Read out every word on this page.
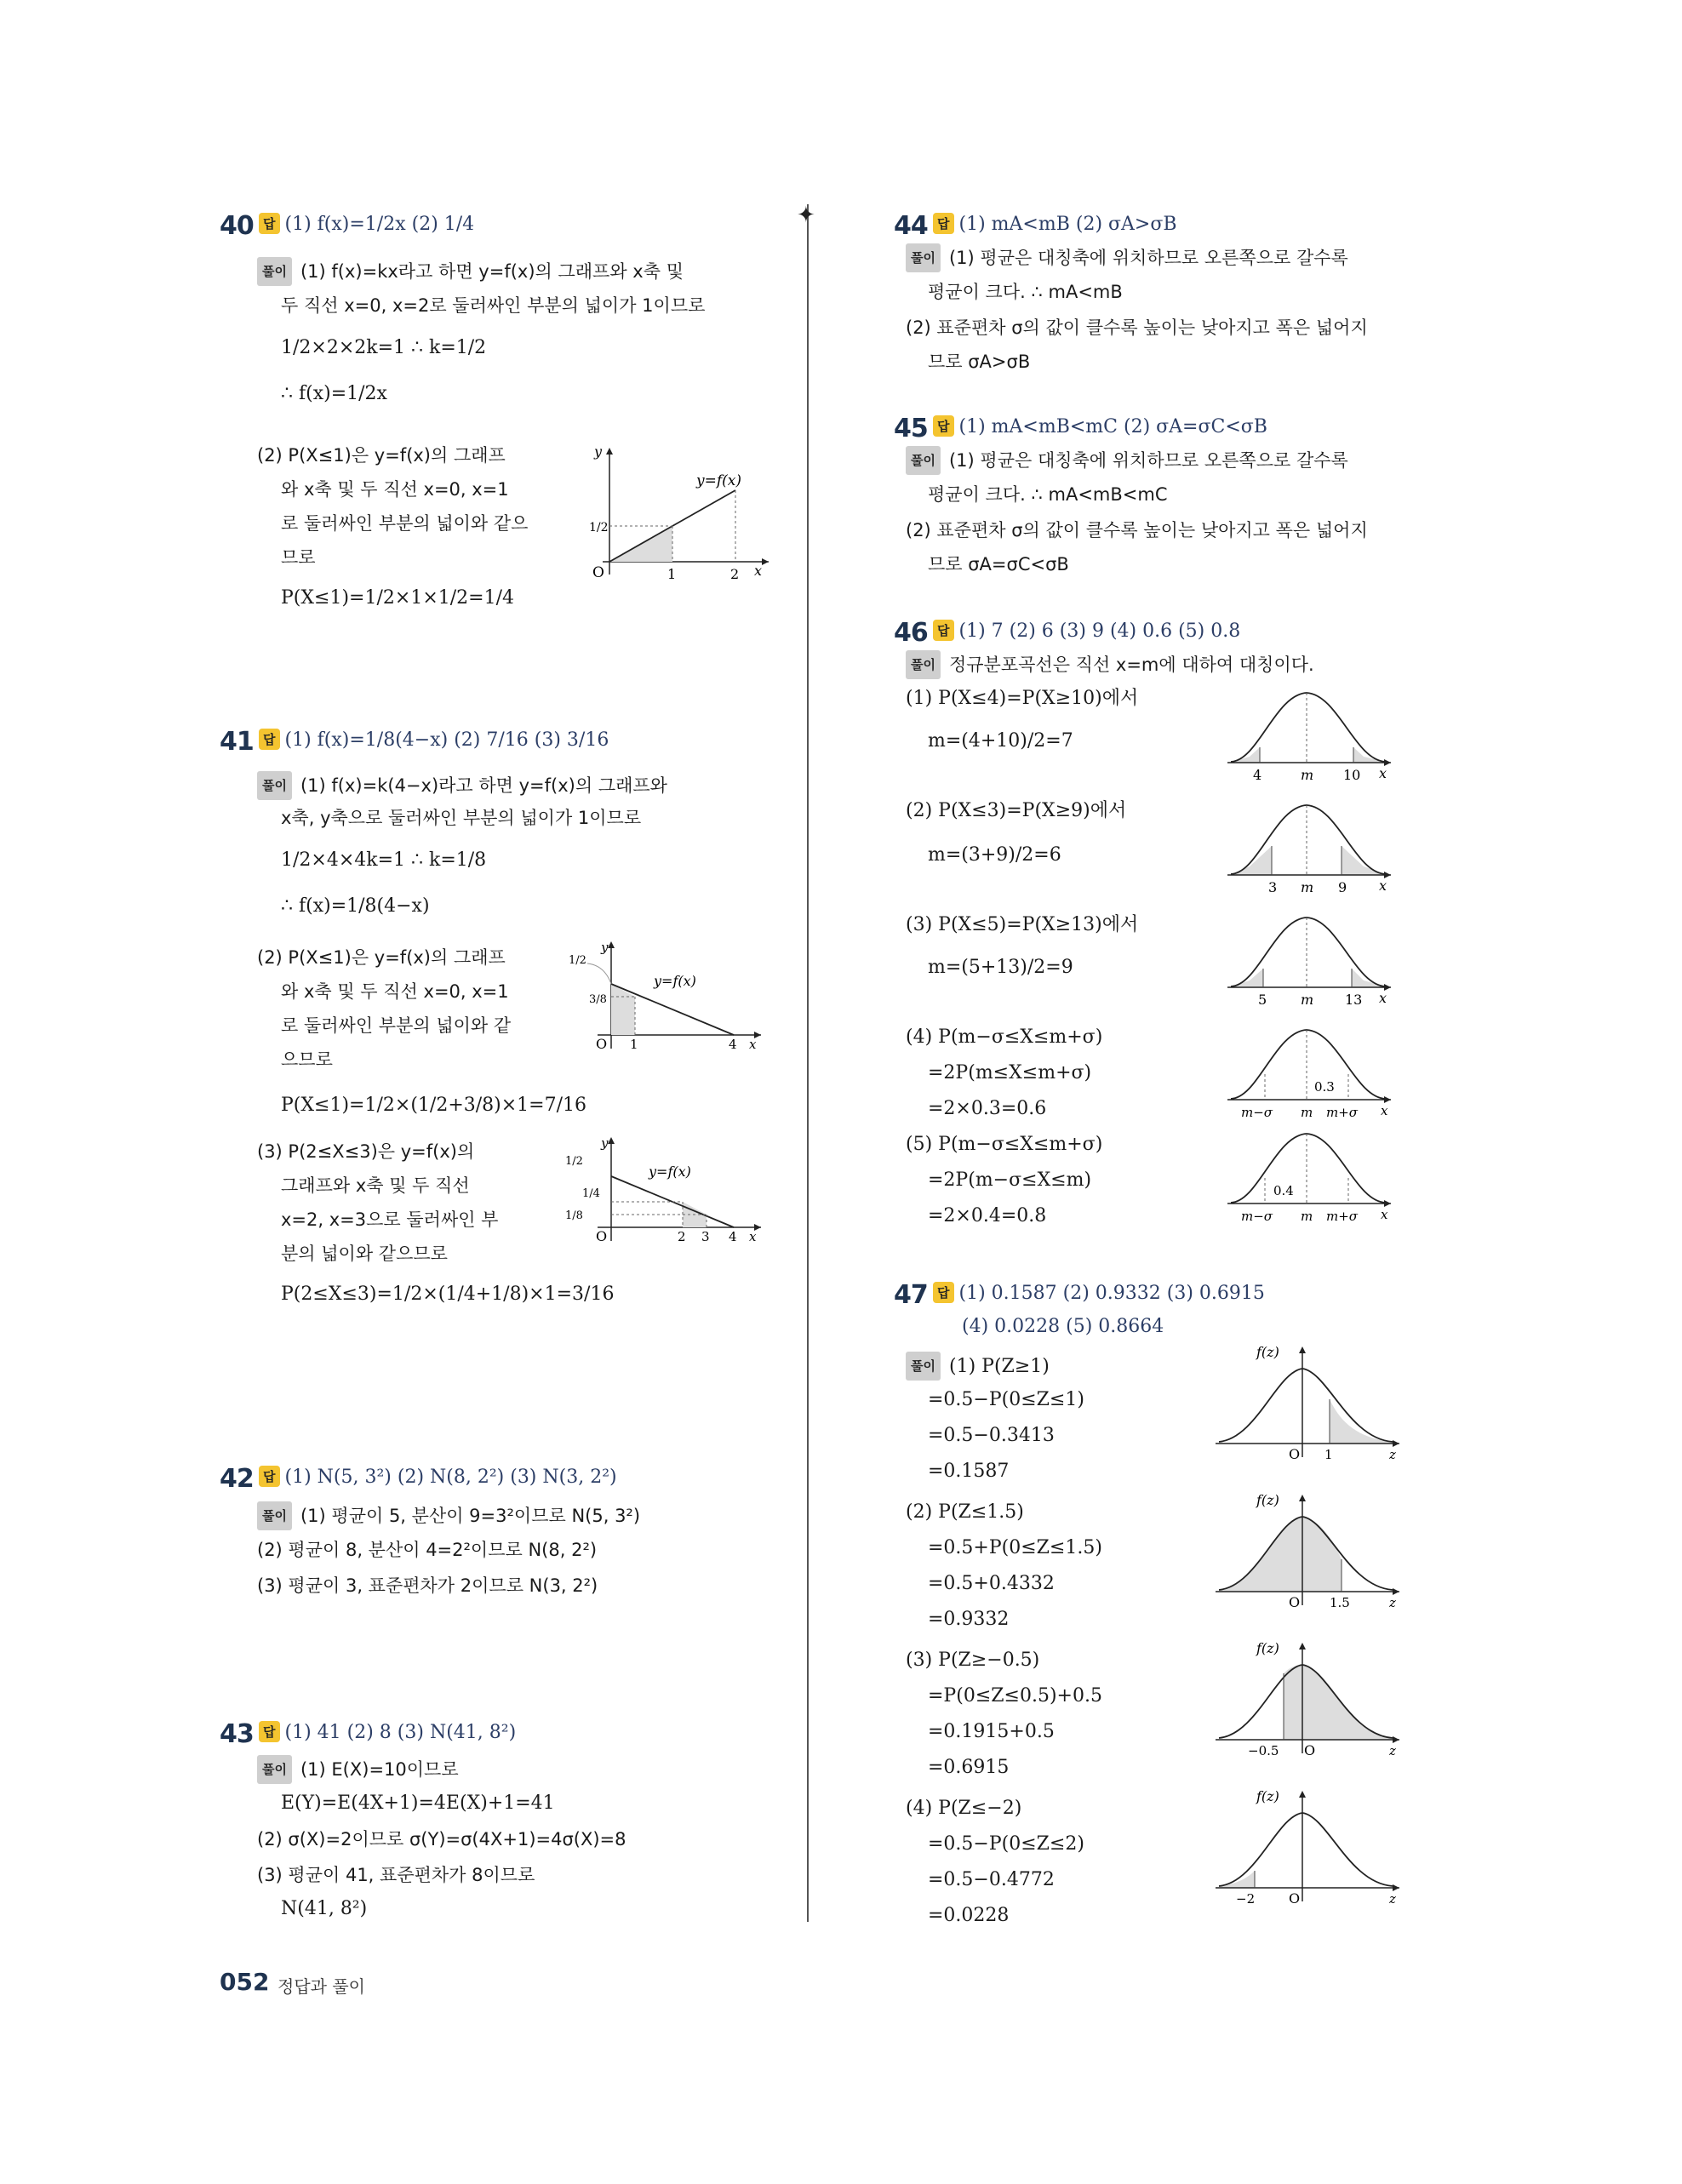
✦
40 답 (1) f(x)=1/2x (2) 1/4
풀이 (1) f(x)=kx라고 하면 y=f(x)의 그래프와 x축 및
두 직선 x=0, x=2로 둘러싸인 부분의 넓이가 1이므로
1/2×2×2k=1 ∴ k=1/2
∴ f(x)=1/2x
(2) P(X≤1)은 y=f(x)의 그래프
와 x축 및 두 직선 x=0, x=1
로 둘러싸인 부분의 넓이와 같으
므로
P(X≤1)=1/2×1×1/2=1/4
y
x
y=f(x)
O
1/2
1	2
41 답 (1) f(x)=1/8(4−x) (2) 7/16 (3) 3/16
풀이 (1) f(x)=k(4−x)라고 하면 y=f(x)의 그래프와
x축, y축으로 둘러싸인 부분의 넓이가 1이므로
1/2×4×4k=1 ∴ k=1/8
∴ f(x)=1/8(4−x)
(2) P(X≤1)은 y=f(x)의 그래프
와 x축 및 두 직선 x=0, x=1
로 둘러싸인 부분의 넓이와 같
으므로
P(X≤1)=1/2×(1/2+3/8)×1=7/16
(3) P(2≤X≤3)은 y=f(x)의
그래프와 x축 및 두 직선
x=2, x=3으로 둘러싸인 부
분의 넓이와 같으므로
P(2≤X≤3)=1/2×(1/4+1/8)×1=3/16
y
x
y=f(x)
O
1/2
3/8
1	4
y
x
y=f(x)
O
1/2
1/4
1/8
2 3 4
42 답 (1) N(5, 3²) (2) N(8, 2²) (3) N(3, 2²)
풀이 (1) 평균이 5, 분산이 9=3²이므로 N(5, 3²)
(2) 평균이 8, 분산이 4=2²이므로 N(8, 2²)
(3) 평균이 3, 표준편차가 2이므로 N(3, 2²)
43 답 (1) 41 (2) 8 (3) N(41, 8²)
풀이 (1) E(X)=10이므로
E(Y)=E(4X+1)=4E(X)+1=41
(2) σ(X)=2이므로 σ(Y)=σ(4X+1)=4σ(X)=8
(3) 평균이 41, 표준편차가 8이므로
N(41, 8²)
44 답 (1) mA<mB (2) σA>σB
풀이 (1) 평균은 대칭축에 위치하므로 오른쪽으로 갈수록
평균이 크다. ∴ mA<mB
(2) 표준편차 σ의 값이 클수록 높이는 낮아지고 폭은 넓어지
므로 σA>σB
45 답 (1) mA<mB<mC (2) σA=σC<σB
풀이 (1) 평균은 대칭축에 위치하므로 오른쪽으로 갈수록
평균이 크다. ∴ mA<mB<mC
(2) 표준편차 σ의 값이 클수록 높이는 낮아지고 폭은 넓어지
므로 σA=σC<σB
46 답 (1) 7 (2) 6 (3) 9 (4) 0.6 (5) 0.8
풀이 정규분포곡선은 직선 x=m에 대하여 대칭이다.
(1) P(X≤4)=P(X≥10)에서
m=(4+10)/2=7
(2) P(X≤3)=P(X≥9)에서
m=(3+9)/2=6
(3) P(X≤5)=P(X≥13)에서
m=(5+13)/2=9
(4) P(m−σ≤X≤m+σ)
=2P(m≤X≤m+σ)
=2×0.3=0.6
(5) P(m−σ≤X≤m+σ)
=2P(m−σ≤X≤m)
=2×0.4=0.8
4	m 10 x
3 m 9 x
5 m 13 x
0.3
m−σ m m+σ x
0.4
m−σ m m+σ x
47 답 (1) 0.1587 (2) 0.9332 (3) 0.6915
(4) 0.0228 (5) 0.8664
풀이 (1) P(Z≥1)
=0.5−P(0≤Z≤1)
=0.5−0.3413
=0.1587
(2) P(Z≤1.5)
=0.5+P(0≤Z≤1.5)
=0.5+0.4332
=0.9332
(3) P(Z≥−0.5)
=P(0≤Z≤0.5)+0.5
=0.1915+0.5
=0.6915
(4) P(Z≤−2)
=0.5−P(0≤Z≤2)
=0.5−0.4772
=0.0228
f(z)
O 1	z
f(z)
O 1.5	z
f(z)
O
−0.5	z
f(z)
O
−2	z
052 정답과 풀이
